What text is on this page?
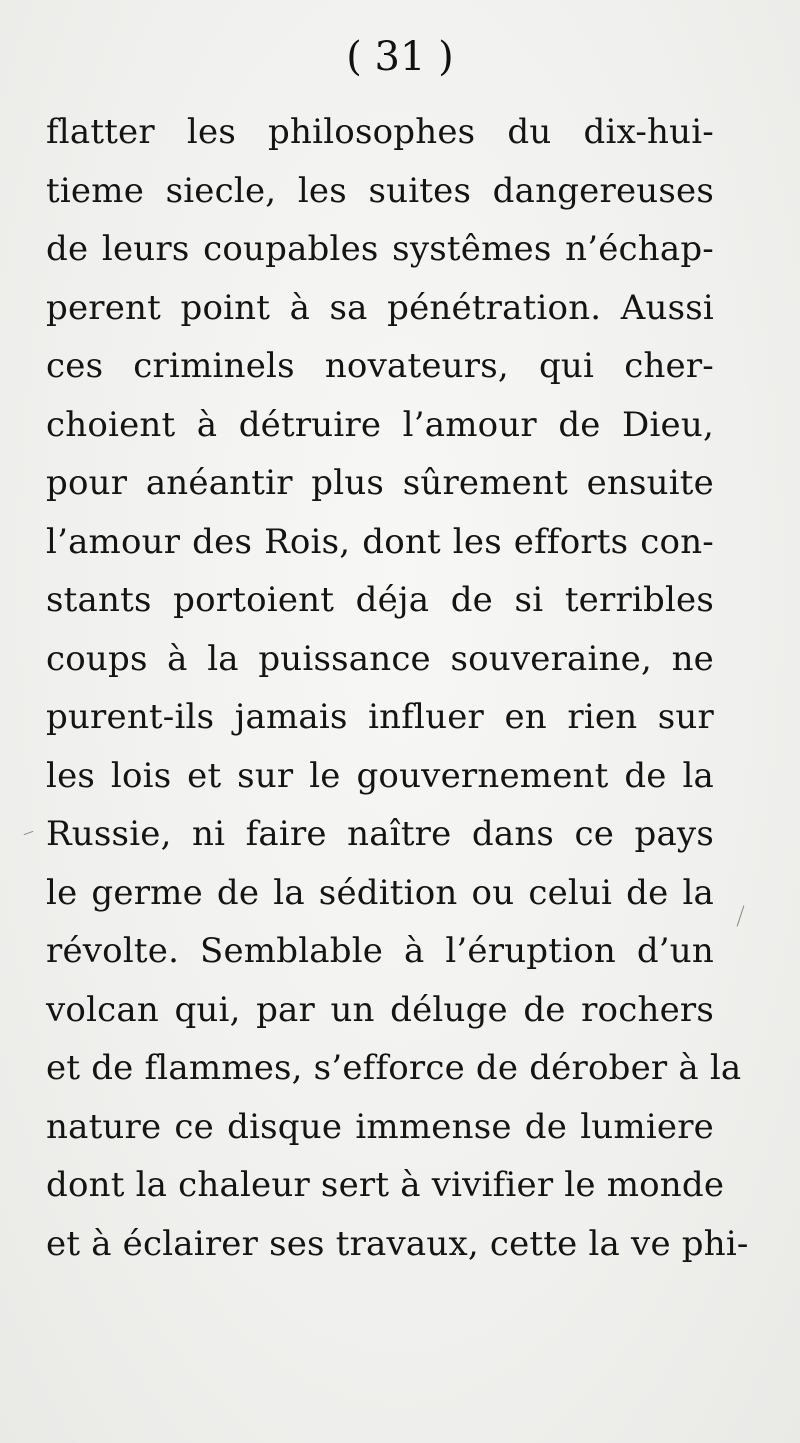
( 31 )
flatter les philosophes du dix-hui-
tieme siecle, les suites dangereuses
de leurs coupables systêmes n’échap-
perent point à sa pénétration. Aussi
ces criminels novateurs, qui cher-
choient à détruire l’amour de Dieu,
pour anéantir plus sûrement ensuite
l’amour des Rois, dont les efforts con-
stants portoient déja de si terribles
coups à la puissance souveraine, ne
purent-ils jamais influer en rien sur
les lois et sur le gouvernement de la
Russie, ni faire naître dans ce pays
le germe de la sédition ou celui de la
révolte. Semblable à l’éruption d’un
volcan qui, par un déluge de rochers
et de flammes, s’efforce de dérober à la
nature ce disque immense de lumiere
dont la chaleur sert à vivifier le monde
et à éclairer ses travaux, cette la ve phi-
